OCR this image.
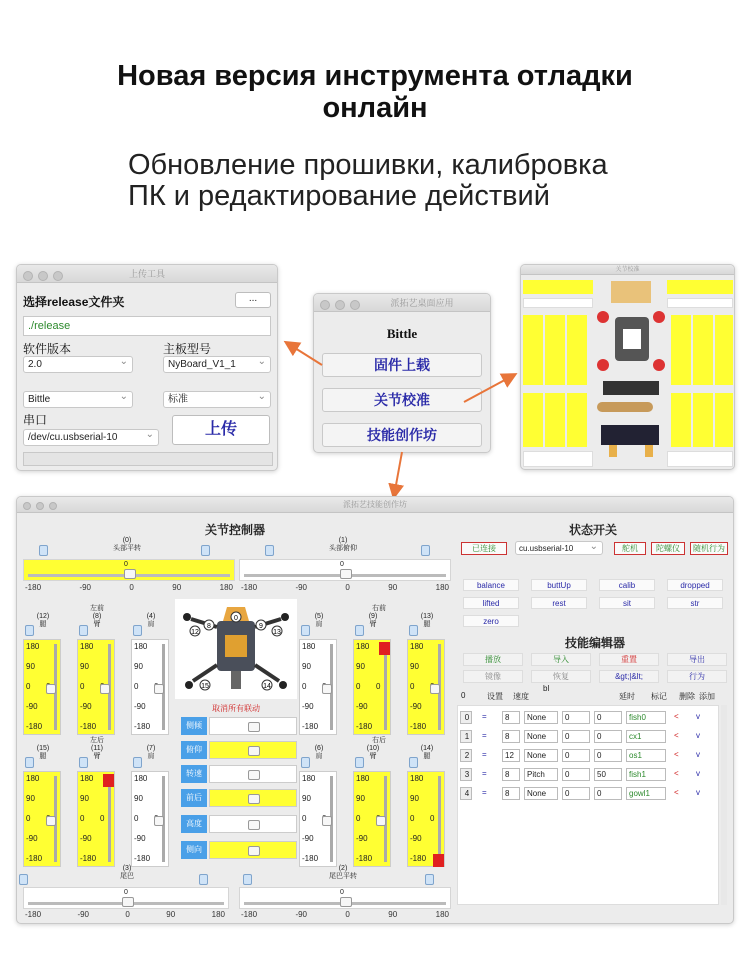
Новая версия инструмента отладки
онлайн
Обновление прошивки, калибровка
ПК и редактирование действий
上传工具
选择release文件夹	...
./release
软件版本	主板型号
2.0 ⌄	NyBoard_V1_1 ⌄
Bittle ⌄	标准 ⌄
串口
/dev/cu.usbserial-10 ⌄	上传
派拓艺桌面应用
Bittle
固件上载
关节校准
技能创作坊
关节校准
派拓艺技能创作坊
关节控制器
(0)
头部平转
0
-180	-90	0	90	180
(1)
头部俯仰
0
-180	-90	0	90	180
左前
(12)
腿
180
90
0
-90
-180
(8)
臂
180
90
0
-90
-180
(4)
肩
180
90
0
-90
-180
右前
(5)
肩
180
90
0
-90
-180
(9)
臂
180
90
0
-90
-180
0
(13)
腿
180
90
0
-90
-180
左后
(15)
腿
180
90
0
-90
-180
(11)
臂
180
90
0
-90
-180
0
(7)
肩
180
90
0
-90
-180
右后
(6)
肩
180
90
0
-90
-180
(10)
臂
180
90
0
-90
-180
(14)
腿
180
90
0
-90
-180
0
0
9
8
12	13
15	14
取消所有联动
侧倾
俯仰
转速
前后
高度
侧向
(3)
尾巴
0
-180	-90	0	90	180
(2)
尾巴平转
0
-180	-90	0	90	180
状态开关
已连接	cu.usbserial-10 ⌄	舵机	陀螺仪	随机行为
balance	buttUp	calib	dropped
lifted	rest	sit	str
zero
技能编辑器
播放	导入	重置	导出
镜像	恢复	&gt;|&lt;	行为
0	设置 速度
bl
延时 标记 删除 添加
0	=	8	None	0	0	fish0	< v
1	=	8	None	0	0	cx1	< v
2	=	12	None	0	0	os1	< v
3	=	8	Pitch	0	50	fish1	< v
4	=	8	None	0	0	gowl1	< v
